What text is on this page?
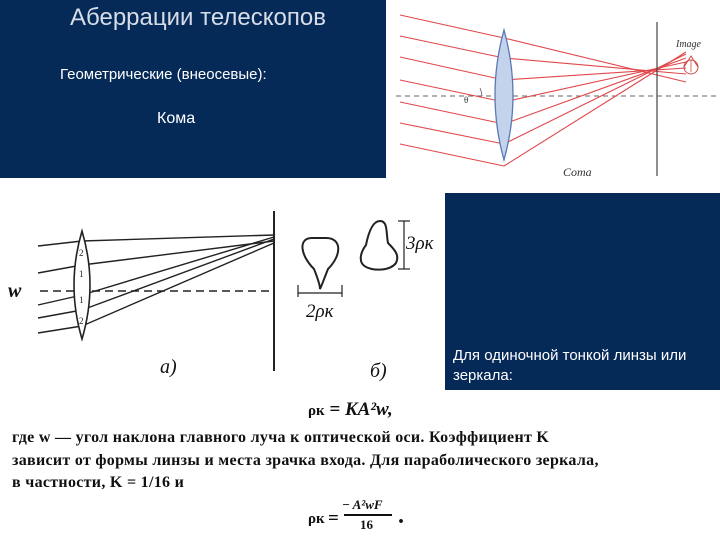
Аберрации телескопов
Геометрические (внеосевые):
Кома
θ
Image
Coma
Для одиночной тонкой линзы или зеркала:
2
1
1
2
w
3ρк
2ρк
а)	б)
ρк = KA²w,
где w — угол наклона главного луча к оптической оси. Коэффициент K
зависит от формы линзы и места зрачка входа. Для параболического зеркала,
в частности, K = 1/16 и
ρк =
− A²wF
16 .
